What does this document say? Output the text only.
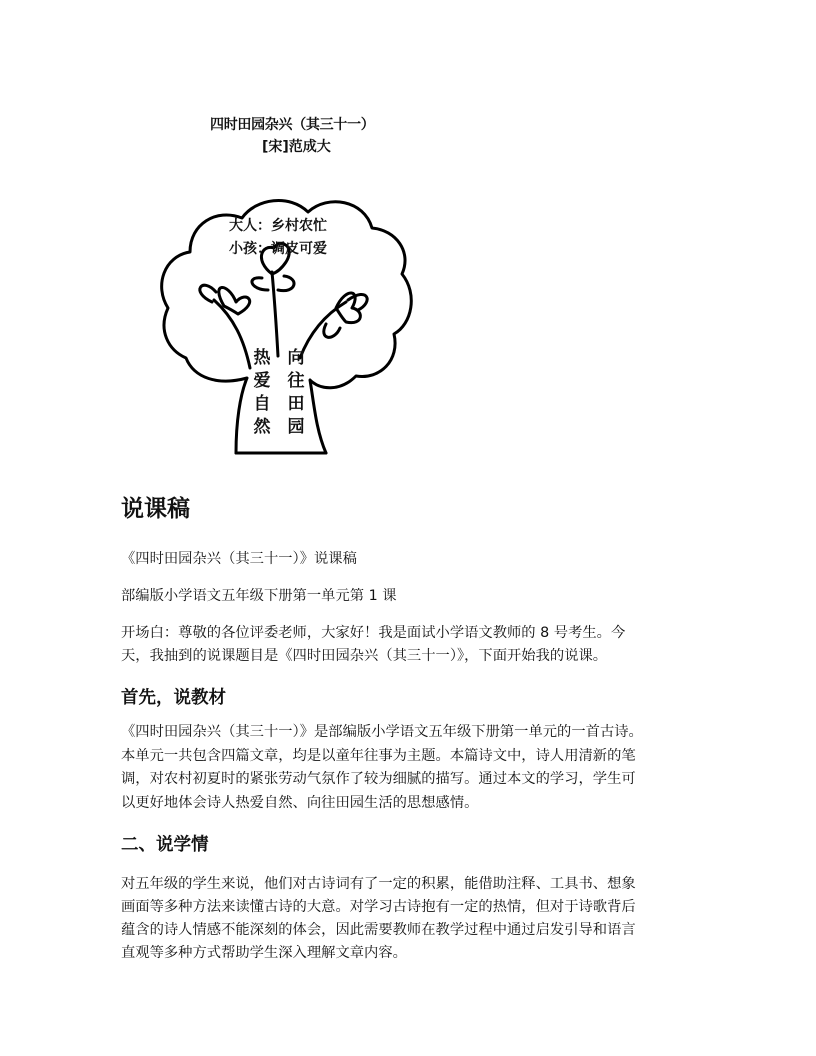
四时田园杂兴（其三十一）
[宋]范成大
大人：乡村农忙
小孩：调皮可爱
热爱自然
向往田园
说课稿

《四时田园杂兴（其三十一）》说课稿

部编版小学语文五年级下册第一单元第 1 课

开场白：尊敬的各位评委老师，大家好！我是面试小学语文教师的 8 号考生。今

天，我抽到的说课题目是《四时田园杂兴（其三十一）》，下面开始我的说课。

首先，说教材

《四时田园杂兴（其三十一）》是部编版小学语文五年级下册第一单元的一首古诗。

本单元一共包含四篇文章，均是以童年往事为主题。本篇诗文中，诗人用清新的笔

调，对农村初夏时的紧张劳动气氛作了较为细腻的描写。通过本文的学习，学生可

以更好地体会诗人热爱自然、向往田园生活的思想感情。

二、说学情

对五年级的学生来说，他们对古诗词有了一定的积累，能借助注释、工具书、想象

画面等多种方法来读懂古诗的大意。对学习古诗抱有一定的热情，但对于诗歌背后

蕴含的诗人情感不能深刻的体会，因此需要教师在教学过程中通过启发引导和语言

直观等多种方式帮助学生深入理解文章内容。
